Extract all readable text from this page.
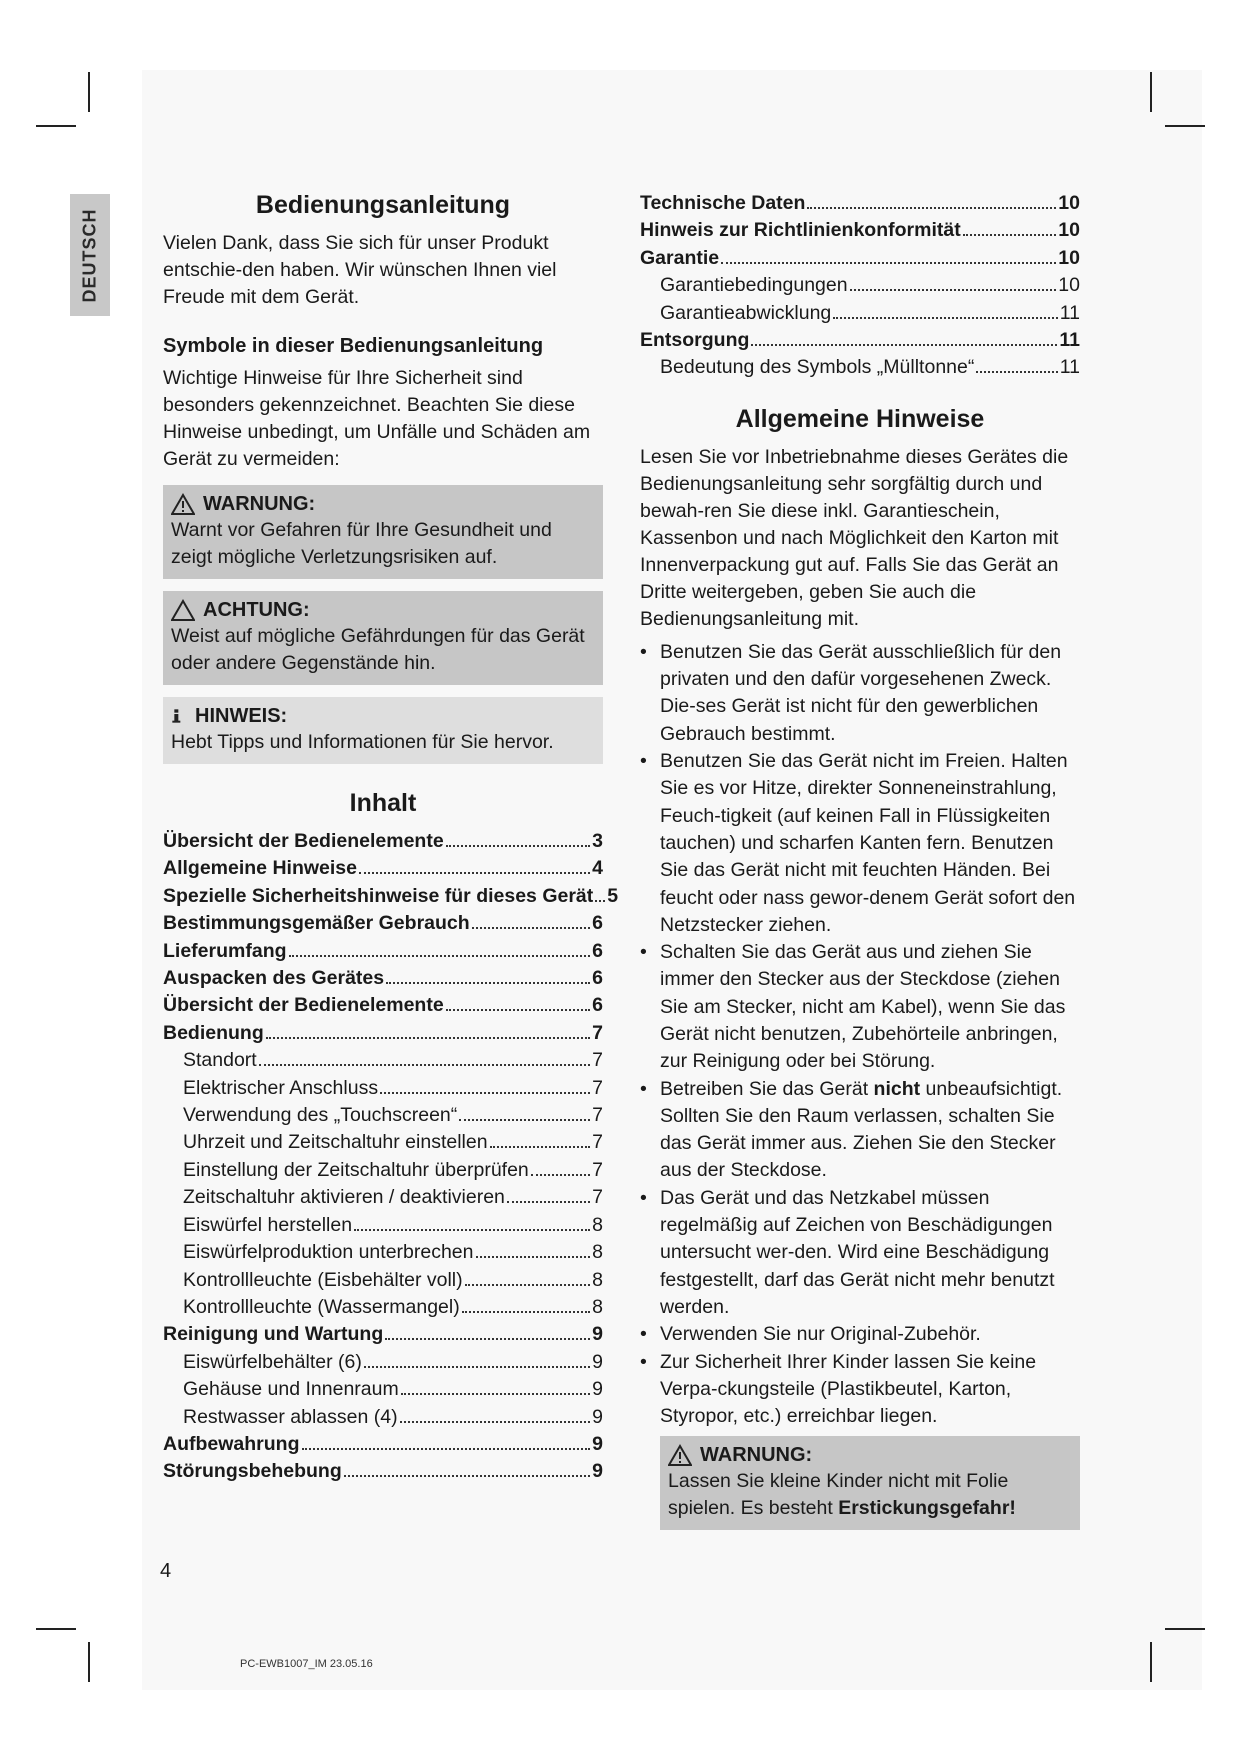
DEUTSCH
Bedienungsanleitung

Vielen Dank, dass Sie sich für unser Produkt entschie-den haben. Wir wünschen Ihnen viel Freude mit dem Gerät.

Symbole in dieser Bedienungsanleitung

Wichtige Hinweise für Ihre Sicherheit sind besonders gekennzeichnet. Beachten Sie diese Hinweise unbedingt, um Unfälle und Schäden am Gerät zu vermeiden:

WARNUNG:
Warnt vor Gefahren für Ihre Gesundheit und zeigt mögliche Verletzungsrisiken auf.
ACHTUNG:
Weist auf mögliche Gefährdungen für das Gerät oder andere Gegenstände hin.
HINWEIS:
Hebt Tipps und Informationen für Sie hervor.
Inhalt
Übersicht der Bedienelemente	3
Allgemeine Hinweise	4
Spezielle Sicherheitshinweise für dieses Gerät 5
Bestimmungsgemäßer Gebrauch	6
Lieferumfang	6
Auspacken des Gerätes	6
Übersicht der Bedienelemente	6
Bedienung	7
Standort	7
Elektrischer Anschluss	7
Verwendung des „Touchscreen“	7
Uhrzeit und Zeitschaltuhr einstellen	7
Einstellung der Zeitschaltuhr überprüfen	7
Zeitschaltuhr aktivieren / deaktivieren	7
Eiswürfel herstellen	8
Eiswürfelproduktion unterbrechen	8
Kontrollleuchte (Eisbehälter voll)	8
Kontrollleuchte (Wassermangel)	8
Reinigung und Wartung	9
Eiswürfelbehälter (6)	9
Gehäuse und Innenraum	9
Restwasser ablassen (4)	9
Aufbewahrung	9
Störungsbehebung	9
Technische Daten	10
Hinweis zur Richtlinienkonformität	10
Garantie	10
Garantiebedingungen	10
Garantieabwicklung	11
Entsorgung	11
Bedeutung des Symbols „Mülltonne“	11
Allgemeine Hinweise

Lesen Sie vor Inbetriebnahme dieses Gerätes die Bedienungsanleitung sehr sorgfältig durch und bewah-ren Sie diese inkl. Garantieschein, Kassenbon und nach Möglichkeit den Karton mit Innenverpackung gut auf. Falls Sie das Gerät an Dritte weitergeben, geben Sie auch die Bedienungsanleitung mit.

• Benutzen Sie das Gerät ausschließlich für den privaten und den dafür vorgesehenen Zweck. Die-ses Gerät ist nicht für den gewerblichen Gebrauch bestimmt.
• Benutzen Sie das Gerät nicht im Freien. Halten Sie es vor Hitze, direkter Sonneneinstrahlung, Feuch-tigkeit (auf keinen Fall in Flüssigkeiten tauchen) und scharfen Kanten fern. Benutzen Sie das Gerät nicht mit feuchten Händen. Bei feucht oder nass gewor-denem Gerät sofort den Netzstecker ziehen.
• Schalten Sie das Gerät aus und ziehen Sie immer den Stecker aus der Steckdose (ziehen Sie am Stecker, nicht am Kabel), wenn Sie das Gerät nicht benutzen, Zubehörteile anbringen, zur Reinigung oder bei Störung.
• Betreiben Sie das Gerät nicht unbeaufsichtigt. Sollten Sie den Raum verlassen, schalten Sie das Gerät immer aus. Ziehen Sie den Stecker aus der Steckdose.
• Das Gerät und das Netzkabel müssen regelmäßig auf Zeichen von Beschädigungen untersucht wer-den. Wird eine Beschädigung festgestellt, darf das Gerät nicht mehr benutzt werden.
• Verwenden Sie nur Original-Zubehör.
• Zur Sicherheit Ihrer Kinder lassen Sie keine Verpa-ckungsteile (Plastikbeutel, Karton, Styropor, etc.) erreichbar liegen.
WARNUNG:
Lassen Sie kleine Kinder nicht mit Folie spielen. Es besteht Erstickungsgefahr!
4
PC-EWB1007_IM 23.05.16
